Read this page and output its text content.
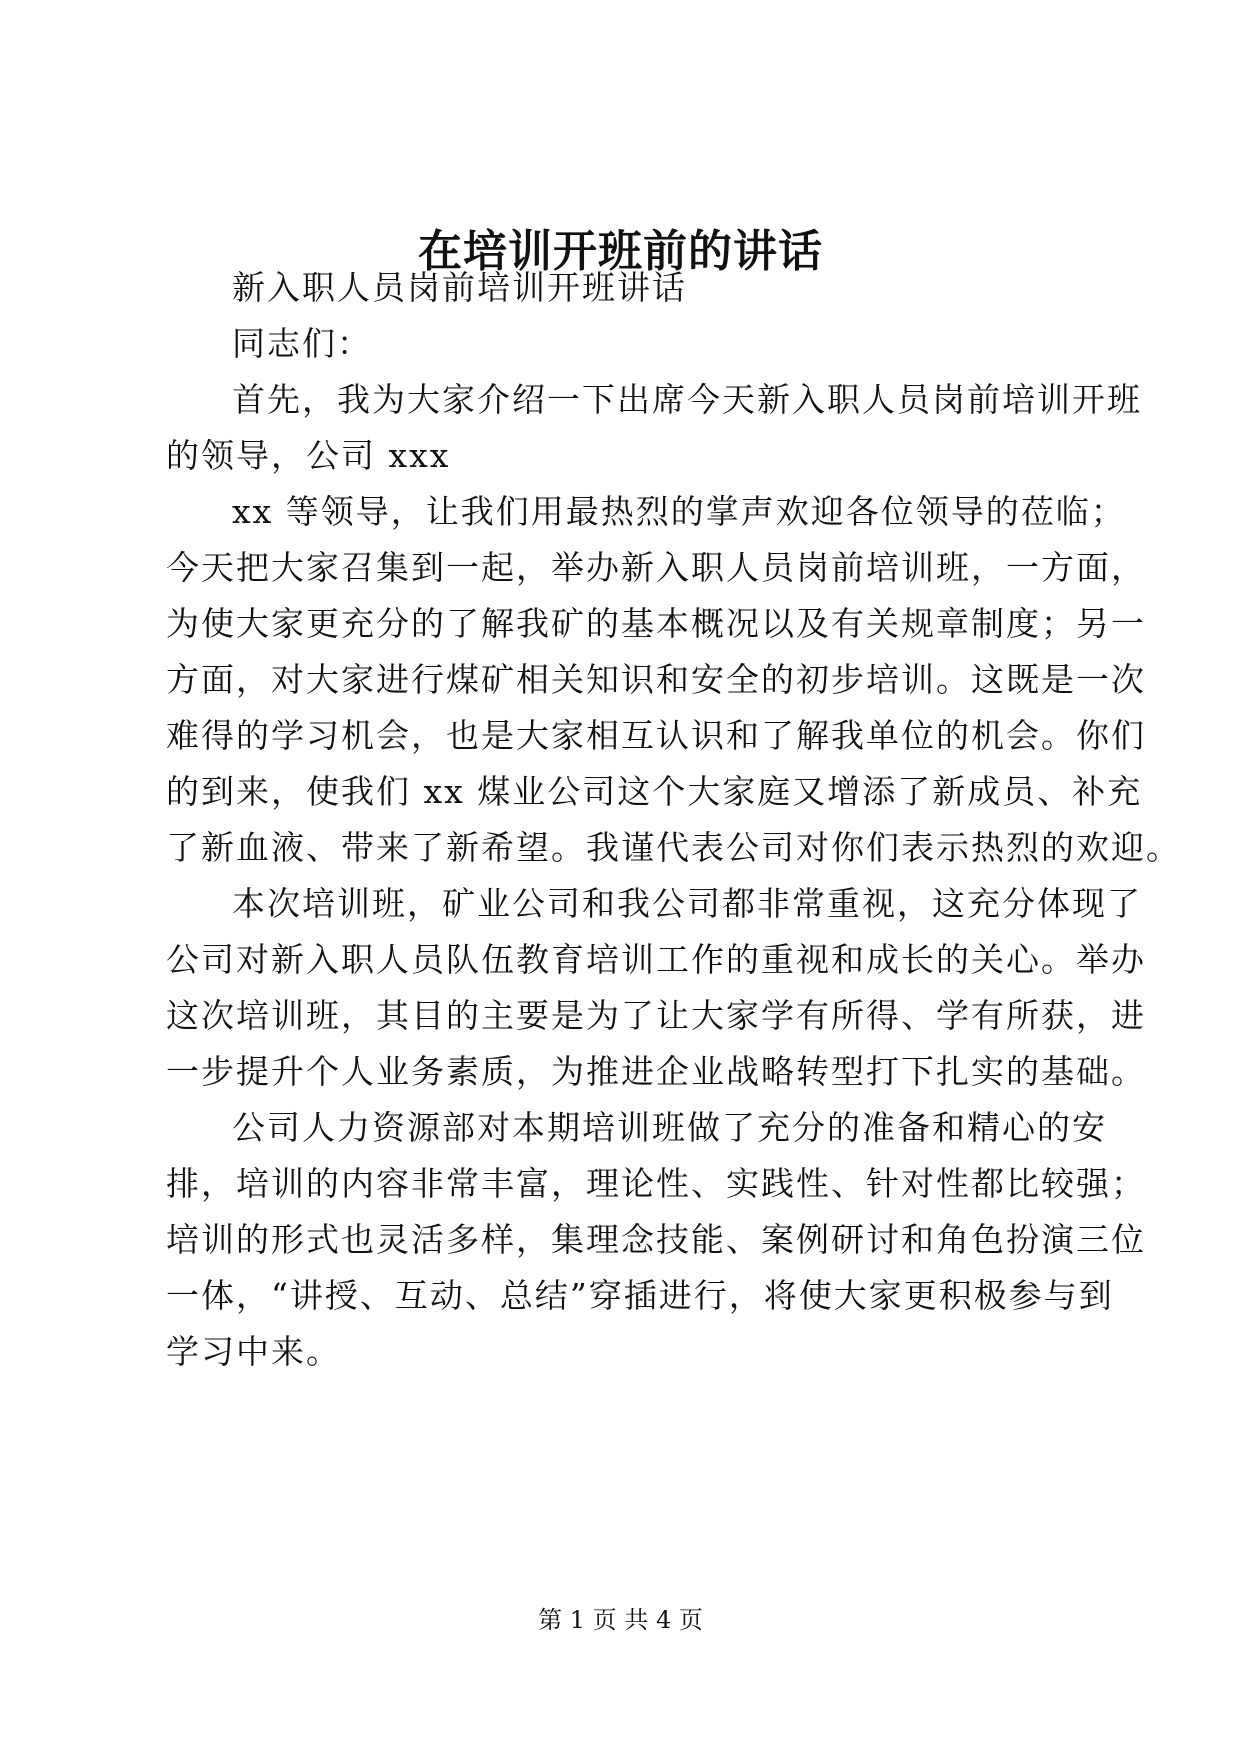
在培训开班前的讲话

新入职人员岗前培训开班讲话

同志们：

首先，我为大家介绍一下出席今天新入职人员岗前培训开班

的领导，公司 xxx

xx 等领导，让我们用最热烈的掌声欢迎各位领导的莅临；

今天把大家召集到一起，举办新入职人员岗前培训班，一方面，

为使大家更充分的了解我矿的基本概况以及有关规章制度；另一

方面，对大家进行煤矿相关知识和安全的初步培训。这既是一次

难得的学习机会，也是大家相互认识和了解我单位的机会。你们

的到来，使我们 xx 煤业公司这个大家庭又增添了新成员、补充

了新血液、带来了新希望。我谨代表公司对你们表示热烈的欢迎。

本次培训班，矿业公司和我公司都非常重视，这充分体现了

公司对新入职人员队伍教育培训工作的重视和成长的关心。举办

这次培训班，其目的主要是为了让大家学有所得、学有所获，进

一步提升个人业务素质，为推进企业战略转型打下扎实的基础。

公司人力资源部对本期培训班做了充分的准备和精心的安

排，培训的内容非常丰富，理论性、实践性、针对性都比较强；

培训的形式也灵活多样，集理念技能、案例研讨和角色扮演三位

一体，“讲授、互动、总结”穿插进行，将使大家更积极参与到

学习中来。

第 1 页 共 4 页
